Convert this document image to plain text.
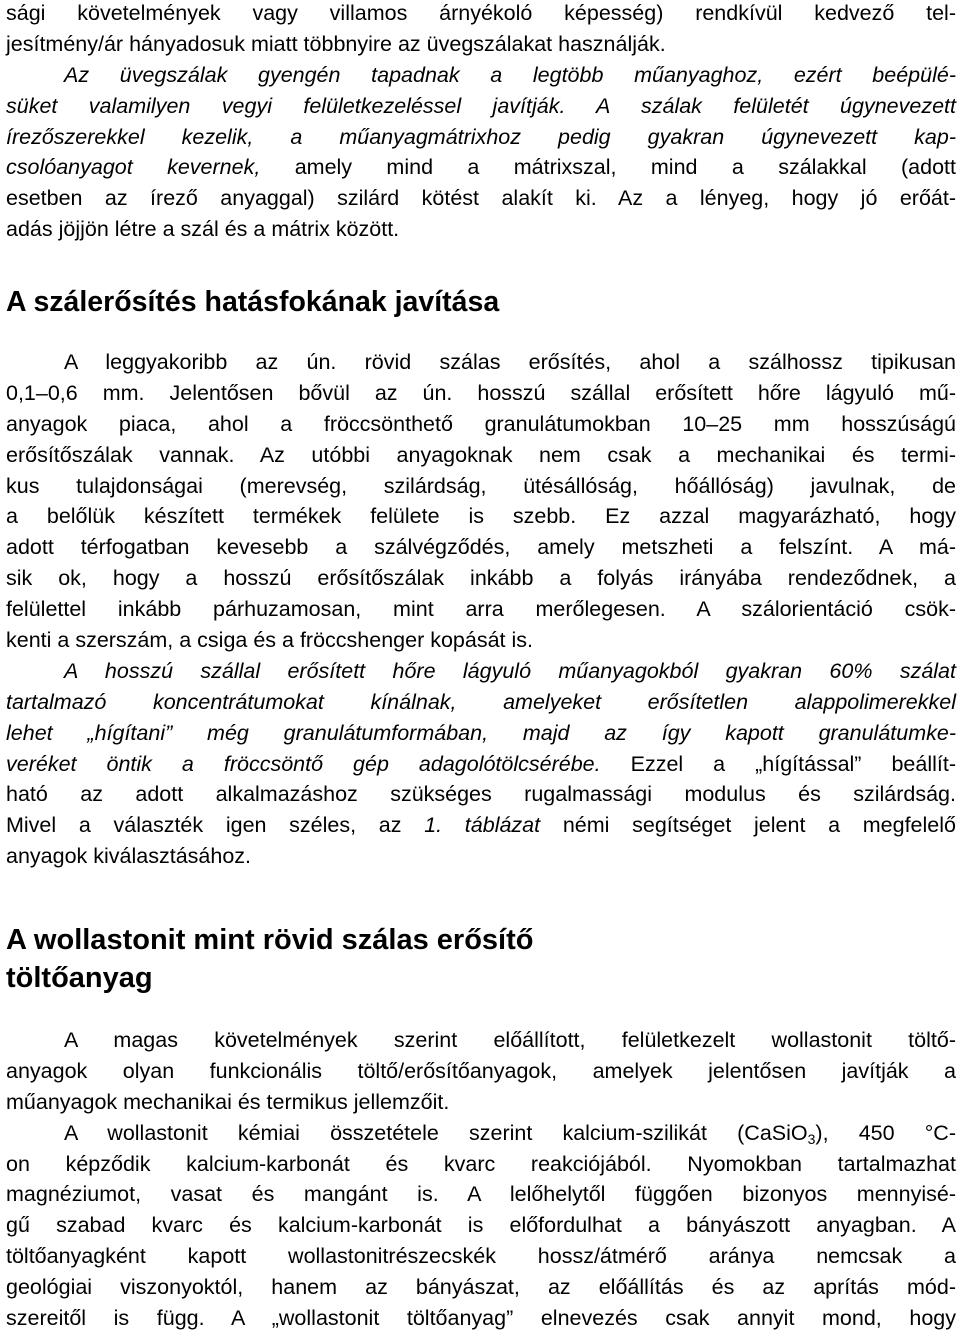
sági követelmények vagy villamos árnyékoló képesség) rendkívül kedvező tel-
jesítmény/ár hányadosuk miatt többnyire az üvegszálakat használják.
Az üvegszálak gyengén tapadnak a legtöbb műanyaghoz, ezért beépülé-
süket valamilyen vegyi felületkezeléssel javítják. A szálak felületét úgynevezett
írezőszerekkel kezelik, a műanyagmátrixhoz pedig gyakran úgynevezett kap-
csolóanyagot kevernek, amely mind a mátrixszal, mind a szálakkal (adott
esetben az írező anyaggal) szilárd kötést alakít ki. Az a lényeg, hogy jó erőát-
adás jöjjön létre a szál és a mátrix között.
A szálerősítés hatásfokának javítása
A leggyakoribb az ún. rövid szálas erősítés, ahol a szálhossz tipikusan
0,1–0,6 mm. Jelentősen bővül az ún. hosszú szállal erősített hőre lágyuló mű-
anyagok piaca, ahol a fröccsönthető granulátumokban 10–25 mm hosszúságú
erősítőszálak vannak. Az utóbbi anyagoknak nem csak a mechanikai és termi-
kus tulajdonságai (merevség, szilárdság, ütésállóság, hőállóság) javulnak, de
a belőlük készített termékek felülete is szebb. Ez azzal magyarázható, hogy
adott térfogatban kevesebb a szálvégződés, amely metszheti a felszínt. A má-
sik ok, hogy a hosszú erősítőszálak inkább a folyás irányába rendeződnek, a
felülettel inkább párhuzamosan, mint arra merőlegesen. A szálorientáció csök-
kenti a szerszám, a csiga és a fröccshenger kopását is.
A hosszú szállal erősített hőre lágyuló műanyagokból gyakran 60% szálat
tartalmazó koncentrátumokat kínálnak, amelyeket erősítetlen alappolimerekkel
lehet „hígítani” még granulátumformában, majd az így kapott granulátumke-
veréket öntik a fröccsöntő gép adagolótölcsérébe. Ezzel a „hígítással” beállít-
ható az adott alkalmazáshoz szükséges rugalmassági modulus és szilárdság.
Mivel a választék igen széles, az 1. táblázat némi segítséget jelent a megfelelő
anyagok kiválasztásához.
A wollastonit mint rövid szálas erősítő
töltőanyag
A magas követelmények szerint előállított, felületkezelt wollastonit töltő-
anyagok olyan funkcionális töltő/erősítőanyagok, amelyek jelentősen javítják a
műanyagok mechanikai és termikus jellemzőit.
A wollastonit kémiai összetétele szerint kalcium-szilikát (CaSiO$_3$), 450 °C-
on képződik kalcium-karbonát és kvarc reakciójából. Nyomokban tartalmazhat
magnéziumot, vasat és mangánt is. A lelőhelytől függően bizonyos mennyisé-
gű szabad kvarc és kalcium-karbonát is előfordulhat a bányászott anyagban. A
töltőanyagként kapott wollastonitrészecskék hossz/átmérő aránya nemcsak a
geológiai viszonyoktól, hanem az bányászat, az előállítás és az aprítás mód-
szereitől is függ. A „wollastonit töltőanyag” elnevezés csak annyit mond, hogy
